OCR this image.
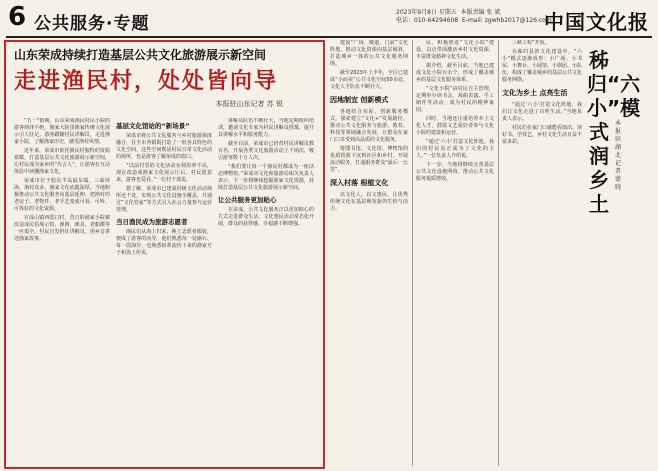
6 公共服务·专题
2023年9月8日 星期五 本版责编 张 斌
电话：010-64294608 E-mail: zgwhb2017@126.com
中国文化报
山东荣成持续打造基层公共文化旅游展示新空间
走进渔民村，处处皆向导
本报驻山东记者 苏 锐

“五一”假期，山东荣成渔民村民小院的游客络绎不绝，渔家大院里渔家传统文化展示引人驻足。游客跟随村民讲解员，走进渔家小院，了解渔家历史，感受渔村风情。

近年来，荣成市依托渔民村独特的资源禀赋，打造基层公共文化旅游展示新空间，让村民成为家乡的“代言人”，让游客在互动体验中读懂渔家文化。

荣成市位于胶东半岛最东端，三面环海，渔村众多，渔家文化底蕴深厚。当地积极推动公共文化服务向基层延伸，把渔村的老房子、老物件、老手艺变成可看、可听、可体验的文化资源。

在成山镇西霞口村，昔日的渔家小院被改造成民俗展示馆，渔网、渔具、老船模等一应俱全，村民自发担任讲解员，用乡音讲述渔家故事。

基层文化馆站的“新场景”

荣成市将公共文化服务与乡村旅游深度融合，在全市各镇街打造了一批各具特色的文化空间。这些空间既是村民日常文化活动的场所，也是游客了解荣成的窗口。

“以前村里的文化活动室利用率不高，现在改造成渔家文化展示厅后，村民愿意来，游客也爱看。”一位村干部说。

据了解，荣成市已建成村级文化活动场所近千处，实现公共文化设施全覆盖，并通过“文化管家”等方式引入社会力量参与运营管理。

当日渔民成为旅游志愿者

渔民们从海上归来，换上志愿者服装，便成了游客的向导。他们熟悉每一处礁石、每一段海岸，也熟悉祖辈流传下来的渔家号子和海上传说。

讲解员队伍不断壮大，当地定期组织培训，邀请文化专家为村民讲解员授课，提升其讲解水平和服务能力。

截至目前，荣成市已培育村民讲解员数百名，开展各类文化旅游活动上千场次，吸引游客数十万人次。

“我们要让每一个渔民村都成为一座活态博物馆。”荣成市文化和旅游局相关负责人表示，下一步将继续挖掘渔家文化资源，持续打造基层公共文化旅游展示新空间。

让公共服务更加贴心

在荣成，公共文化服务正以更加贴心的方式走进群众生活，文化惠民活动常态化开展，群众的获得感、幸福感不断增强。

建设“广场、楼道、门前”文化阵地，推动文化资源向基层倾斜，打造城乡一体的公共文化服务网络。

截至2023年上半年，全区已建成“小而美”公共文化空间50余处，文化人才队伍不断壮大。

因地制宜 创新模式

各地结合实际，创新服务模式，探索建立“文化+”发展路径，推动公共文化服务与旅游、教育、科技等领域融合发展，让群众在家门口享受到高品质的文化服务。

将图书馆、文化馆、博物馆的优质资源下沉到社区和乡村，开展流动服务，打通服务群众“最后一公里”。

深入村落 根植文化

以文化人，以文惠民，让优秀传统文化在基层焕发新的生机与活力。

民，积极推进“文化小院”建设，以点带面激活乡村文化资源，丰富群众精神文化生活。

据介绍，截至目前，当地已建成文化小院百余个，形成了覆盖城乡的基层文化服务体系。

“文化小院”由村民自主管理，定期举办读书会、戏曲表演、手工制作等活动，成为村民的精神家园。

同时，当地还注重培养本土文化人才，鼓励文艺爱好者参与文化小院的建设和运营。

“通过‘六小’打造文化阵地，我们的村民真正成为了文化的主人。”一位负责人介绍说。

下一步，当地将继续完善基层公共文化设施网络，推动公共文化服务提质增效。

三峡工程”开放。

在秭归县的文化建设中，“六小”模式逐渐成形：小广场、小书屋、小舞台、小展馆、小剧团、小队伍，构成了覆盖城乡的基层公共文化服务网络。

文化为乡土 点亮生活

“通过‘六小’打造文化阵地，我们让文化走进了百姓生活。”当地负责人表示。

村民们在家门口就能看演出、读好书、学技艺，乡村文化生活日益丰富多彩。

秭归“六小”模式润乡土
本报驻湖北记者 蒙 晓
